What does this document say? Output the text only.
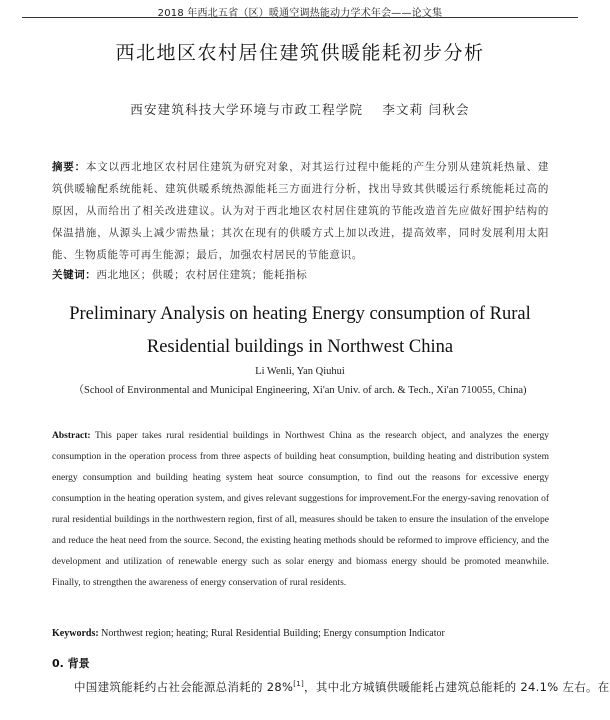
2018 年西北五省（区）暖通空调热能动力学术年会——论文集
西北地区农村居住建筑供暖能耗初步分析
西安建筑科技大学环境与市政工程学院 李文莉 闫秋会
摘要：本文以西北地区农村居住建筑为研究对象，对其运行过程中能耗的产生分别从建筑耗热量、建筑供暖输配系统能耗、建筑供暖系统热源能耗三方面进行分析，找出导致其供暖运行系统能耗过高的原因，从而给出了相关改进建议。认为对于西北地区农村居住建筑的节能改造首先应做好围护结构的保温措施，从源头上减少需热量；其次在现有的供暖方式上加以改进，提高效率，同时发展利用太阳能、生物质能等可再生能源；最后，加强农村居民的节能意识。
关键词：西北地区；供暖；农村居住建筑；能耗指标
Preliminary Analysis on heating Energy consumption of Rural Residential buildings in Northwest China
Li Wenli, Yan Qiuhui
（School of Environmental and Municipal Engineering, Xi'an Univ. of arch. & Tech., Xi'an 710055, China)
Abstract: This paper takes rural residential buildings in Northwest China as the research object, and analyzes the energy consumption in the operation process from three aspects of building heat consumption, building heating and distribution system energy consumption and building heating system heat source consumption, to find out the reasons for excessive energy consumption in the heating operation system, and gives relevant suggestions for improvement.For the energy-saving renovation of rural residential buildings in the northwestern region, first of all, measures should be taken to ensure the insulation of the envelope and reduce the heat need from the source. Second, the existing heating methods should be reformed to improve efficiency, and the development and utilization of renewable energy such as solar energy and biomass energy should be promoted meanwhile. Finally, to strengthen the awareness of energy conservation of rural residents.
Keywords: Northwest region; heating; Rural Residential Building; Energy consumption Indicator
0. 背景
中国建筑能耗约占社会能源总消耗的 28%[1]，其中北方城镇供暖能耗占建筑总能耗的 24.1% 左右。在
